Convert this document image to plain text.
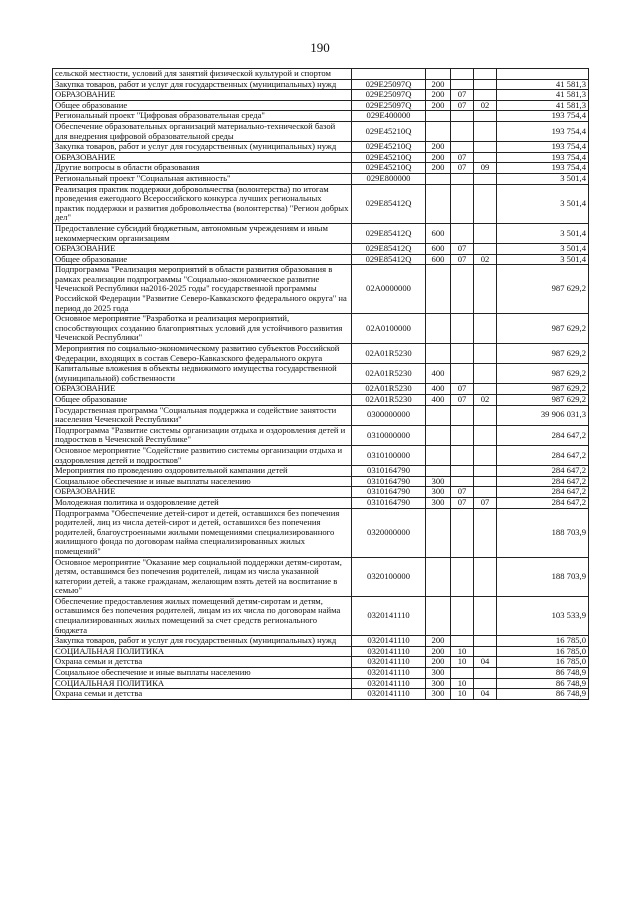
190
сельской местности, условий для занятий физической культурой и спортом					
Закупка товаров, работ и услуг для государственных (муниципальных) нужд	029E25097Q	200			41 581,3
ОБРАЗОВАНИЕ	029E25097Q	200	07		41 581,3
Общее образование	029E25097Q	200	07	02	41 581,3
Региональный проект "Цифровая образовательная среда"	029E400000				193 754,4
Обеспечение образовательных организаций материально-технической базой для внедрения цифровой образовательной среды	029E45210Q				193 754,4
Закупка товаров, работ и услуг для государственных (муниципальных) нужд	029E45210Q	200			193 754,4
ОБРАЗОВАНИЕ	029E45210Q	200	07		193 754,4
Другие вопросы в области образования	029E45210Q	200	07	09	193 754,4
Региональный проект "Социальная активность"	029E800000				3 501,4
Реализация практик поддержки добровольчества (волонтерства) по итогам проведения ежегодного Всероссийского конкурса лучших региональных практик поддержки и развития добровольчества (волонтерства) "Регион добрых дел"	029E85412Q				3 501,4
Предоставление субсидий бюджетным, автономным учреждениям и иным некоммерческим организациям	029E85412Q	600			3 501,4
ОБРАЗОВАНИЕ	029E85412Q	600	07		3 501,4
Общее образование	029E85412Q	600	07	02	3 501,4
Подпрограмма "Реализация мероприятий в области развития образования в рамках реализации подпрограммы "Социально-экономическое развитие Чеченской Республики на2016-2025 годы" государственной программы Российской Федерации "Развитие Северо-Кавказского федерального округа" на период до 2025 года	02А0000000				987 629,2
Основное мероприятие "Разработка и реализация мероприятий, способствующих созданию благоприятных условий для устойчивого развития Чеченской Республики"	02А0100000				987 629,2
Мероприятия по социально-экономическому развитию субъектов Российской Федерации, входящих в состав Северо-Кавказского федерального округа	02А01R5230				987 629,2
Капитальные вложения в объекты недвижимого имущества государственной (муниципальной) собственности	02А01R5230	400			987 629,2
ОБРАЗОВАНИЕ	02А01R5230	400	07		987 629,2
Общее образование	02А01R5230	400	07	02	987 629,2
Государственная программа "Социальная поддержка и содействие занятости населения Чеченской Республики"	0300000000				39 906 031,3
Подпрограмма "Развитие системы организации отдыха и оздоровления детей и подростков в Чеченской Республике"	0310000000				284 647,2
Основное мероприятие "Содействие развитию системы организации отдыха и оздоровления детей и подростков"	0310100000				284 647,2
Мероприятия по проведению оздоровительной кампании детей	0310164790				284 647,2
Социальное обеспечение и иные выплаты населению	0310164790	300			284 647,2
ОБРАЗОВАНИЕ	0310164790	300	07		284 647,2
Молодежная политика и оздоровление детей	0310164790	300	07	07	284 647,2
Подпрограмма "Обеспечение детей-сирот и детей, оставшихся без попечения родителей, лиц из числа детей-сирот и детей, оставшихся без попечения родителей, благоустроенными жилыми помещениями специализированного жилищного фонда по договорам найма специализированных жилых помещений"	0320000000				188 703,9
Основное мероприятие "Оказание мер социальной поддержки детям-сиротам, детям, оставшимся без попечения родителей, лицам из числа указанной категории детей, а также гражданам, желающим взять детей на воспитание в семью"	0320100000				188 703,9
Обеспечение предоставления жилых помещений детям-сиротам и детям, оставшимся без попечения родителей, лицам из их числа по договорам найма специализированных жилых помещений за счет средств регионального бюджета	0320141110				103 533,9
Закупка товаров, работ и услуг для государственных (муниципальных) нужд	0320141110	200			16 785,0
СОЦИАЛЬНАЯ ПОЛИТИКА	0320141110	200	10		16 785,0
Охрана семьи и детства	0320141110	200	10	04	16 785,0
Социальное обеспечение и иные выплаты населению	0320141110	300			86 748,9
СОЦИАЛЬНАЯ ПОЛИТИКА	0320141110	300	10		86 748,9
Охрана семьи и детства	0320141110	300	10	04	86 748,9
